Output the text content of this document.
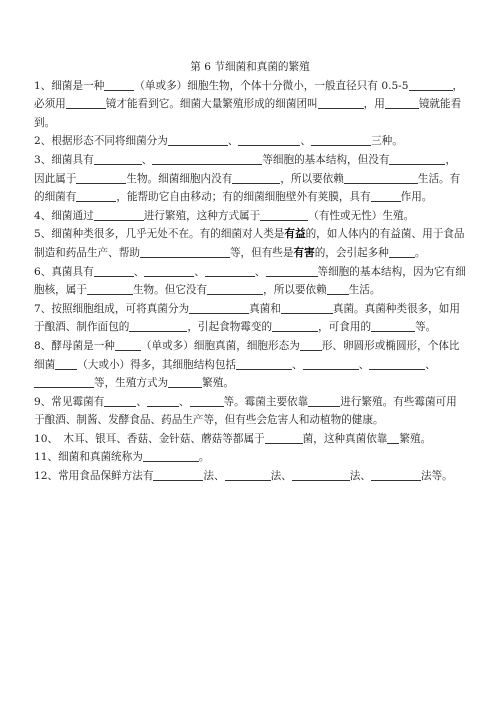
第 6 节细菌和真菌的繁殖

1、细菌是一种	（单或多）细胞生物，个体十分微小，一般直径只有 0.5-5	，必须用	镜才能看到它。细菌大量繁殖形成的细菌团叫	，用	镜就能看到。

2、根据形态不同将细菌分为	、	、	三种。

3、细菌具有	、	等细胞的基本结构，但没有	，因此属于	生物。细菌细胞内没有	，所以要依赖	生活。有的细菌有	，能帮助它自由移动；有的细菌细胞壁外有荚膜，具有	作用。

4、细菌通过	进行繁殖，这种方式属于	（有性或无性）生殖。

5、细菌种类很多，几乎无处不在。有的细菌对人类是有益的，如人体内的有益菌、用于食品制造和药品生产、帮助	等，但有些是有害的，会引起多种 。

6、真菌具有	、	、	、	等细胞的基本结构，因为它有细胞核，属于	生物。但它没有	，所以要依赖 生活。

7、按照细胞组成，可将真菌分为	真菌和	真菌。真菌种类很多，如用于酿酒、制作面包的	，引起食物霉变的	，可食用的	等。

8、酵母菌是一种 （单或多）细胞真菌，细胞形态为 形、卵圆形或椭圆形，个体比细菌 （大或小）得多，其细胞结构包括	、	、	、等，生殖方式为	繁殖。

9、常见霉菌有	、	、	等。霉菌主要依靠	进行繁殖。有些霉菌可用于酿酒、制酱、发酵食品、药品生产等，但有些会危害人和动植物的健康。

10、　木耳、银耳、香菇、金针菇、蘑菇等都属于	菌，这种真菌依靠 繁殖。

11、细菌和真菌统称为	。

12、常用食品保鲜方法有	法、	法、	法、	法等。
